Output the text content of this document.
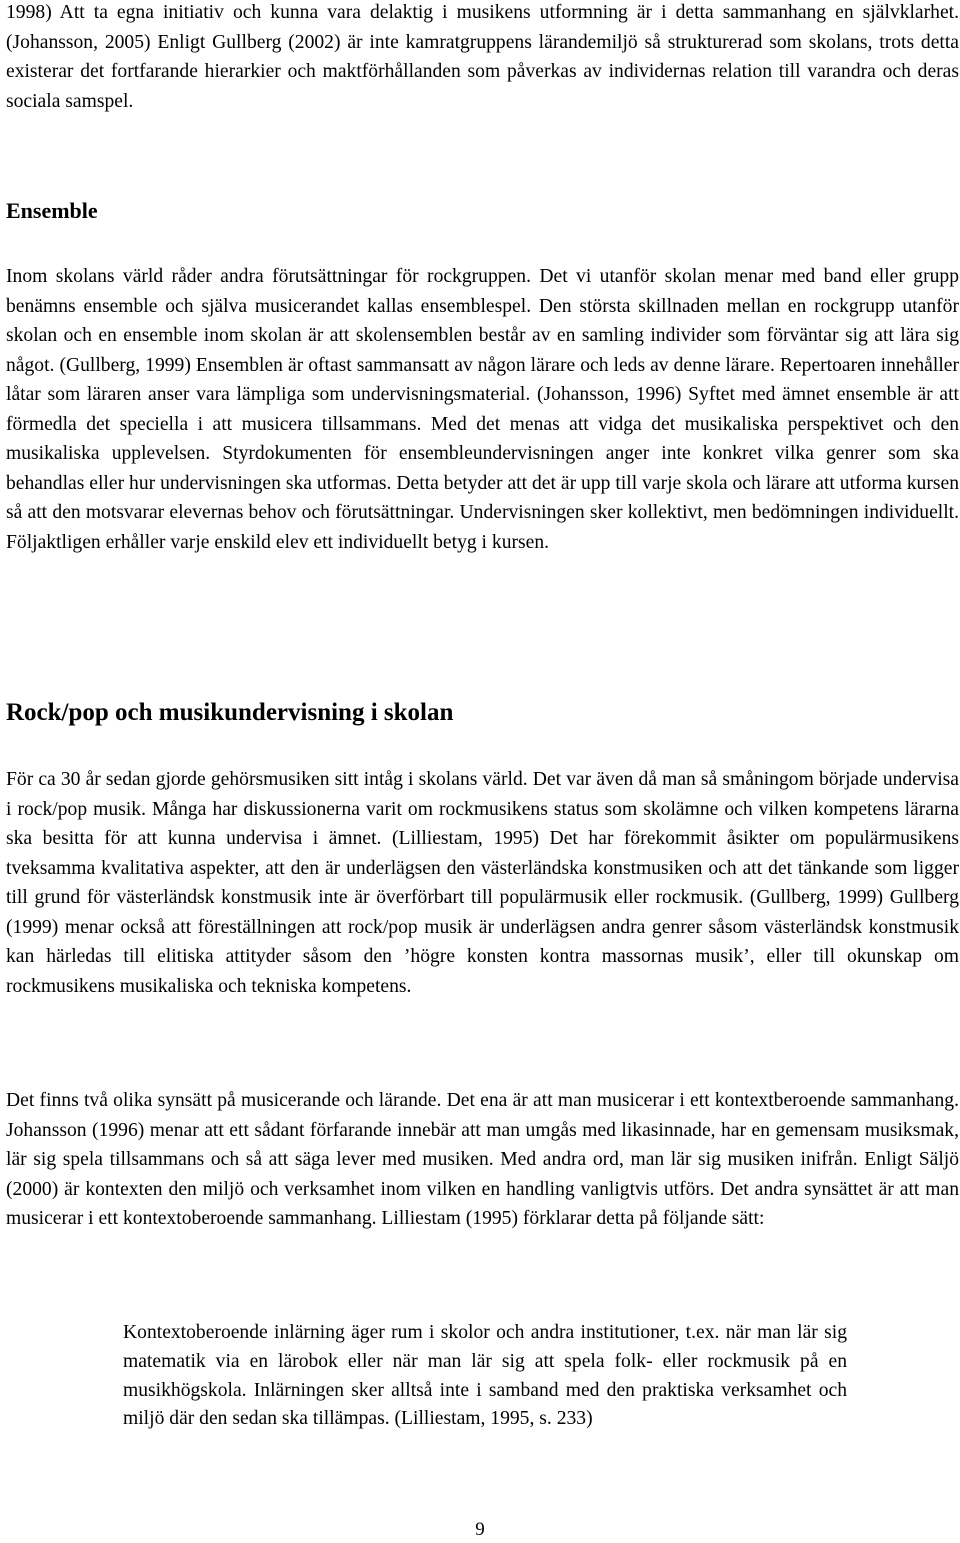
1998) Att ta egna initiativ och kunna vara delaktig i musikens utformning är i detta sammanhang en självklarhet. (Johansson, 2005) Enligt Gullberg (2002) är inte kamratgruppens lärandemiljö så strukturerad som skolans, trots detta existerar det fortfarande hierarkier och maktförhållanden som påverkas av individernas relation till varandra och deras sociala samspel.

Ensemble

Inom skolans värld råder andra förutsättningar för rockgruppen. Det vi utanför skolan menar med band eller grupp benämns ensemble och själva musicerandet kallas ensemblespel. Den största skillnaden mellan en rockgrupp utanför skolan och en ensemble inom skolan är att skolensemblen består av en samling individer som förväntar sig att lära sig något. (Gullberg, 1999) Ensemblen är oftast sammansatt av någon lärare och leds av denne lärare. Repertoaren innehåller låtar som läraren anser vara lämpliga som undervisningsmaterial. (Johansson, 1996) Syftet med ämnet ensemble är att förmedla det speciella i att musicera tillsammans. Med det menas att vidga det musikaliska perspektivet och den musikaliska upplevelsen. Styrdokumenten för ensembleundervisningen anger inte konkret vilka genrer som ska behandlas eller hur undervisningen ska utformas. Detta betyder att det är upp till varje skola och lärare att utforma kursen så att den motsvarar elevernas behov och förutsättningar. Undervisningen sker kollektivt, men bedömningen individuellt. Följaktligen erhåller varje enskild elev ett individuellt betyg i kursen.

Rock/pop och musikundervisning i skolan

För ca 30 år sedan gjorde gehörsmusiken sitt intåg i skolans värld. Det var även då man så småningom började undervisa i rock/pop musik. Många har diskussionerna varit om rockmusikens status som skolämne och vilken kompetens lärarna ska besitta för att kunna undervisa i ämnet. (Lilliestam, 1995) Det har förekommit åsikter om populärmusikens tveksamma kvalitativa aspekter, att den är underlägsen den västerländska konstmusiken och att det tänkande som ligger till grund för västerländsk konstmusik inte är överförbart till populärmusik eller rockmusik. (Gullberg, 1999) Gullberg (1999) menar också att föreställningen att rock/pop musik är underlägsen andra genrer såsom västerländsk konstmusik kan härledas till elitiska attityder såsom den ’högre konsten kontra massornas musik’, eller till okunskap om rockmusikens musikaliska och tekniska kompetens.

Det finns två olika synsätt på musicerande och lärande. Det ena är att man musicerar i ett kontextberoende sammanhang. Johansson (1996) menar att ett sådant förfarande innebär att man umgås med likasinnade, har en gemensam musiksmak, lär sig spela tillsammans och så att säga lever med musiken. Med andra ord, man lär sig musiken inifrån. Enligt Säljö (2000) är kontexten den miljö och verksamhet inom vilken en handling vanligtvis utförs. Det andra synsättet är att man musicerar i ett kontextoberoende sammanhang. Lilliestam (1995) förklarar detta på följande sätt:

Kontextoberoende inlärning äger rum i skolor och andra institutioner, t.ex. när man lär sig matematik via en lärobok eller när man lär sig att spela folk- eller rockmusik på en musikhögskola. Inlärningen sker alltså inte i samband med den praktiska verksamhet och miljö där den sedan ska tillämpas. (Lilliestam, 1995, s. 233)
9
